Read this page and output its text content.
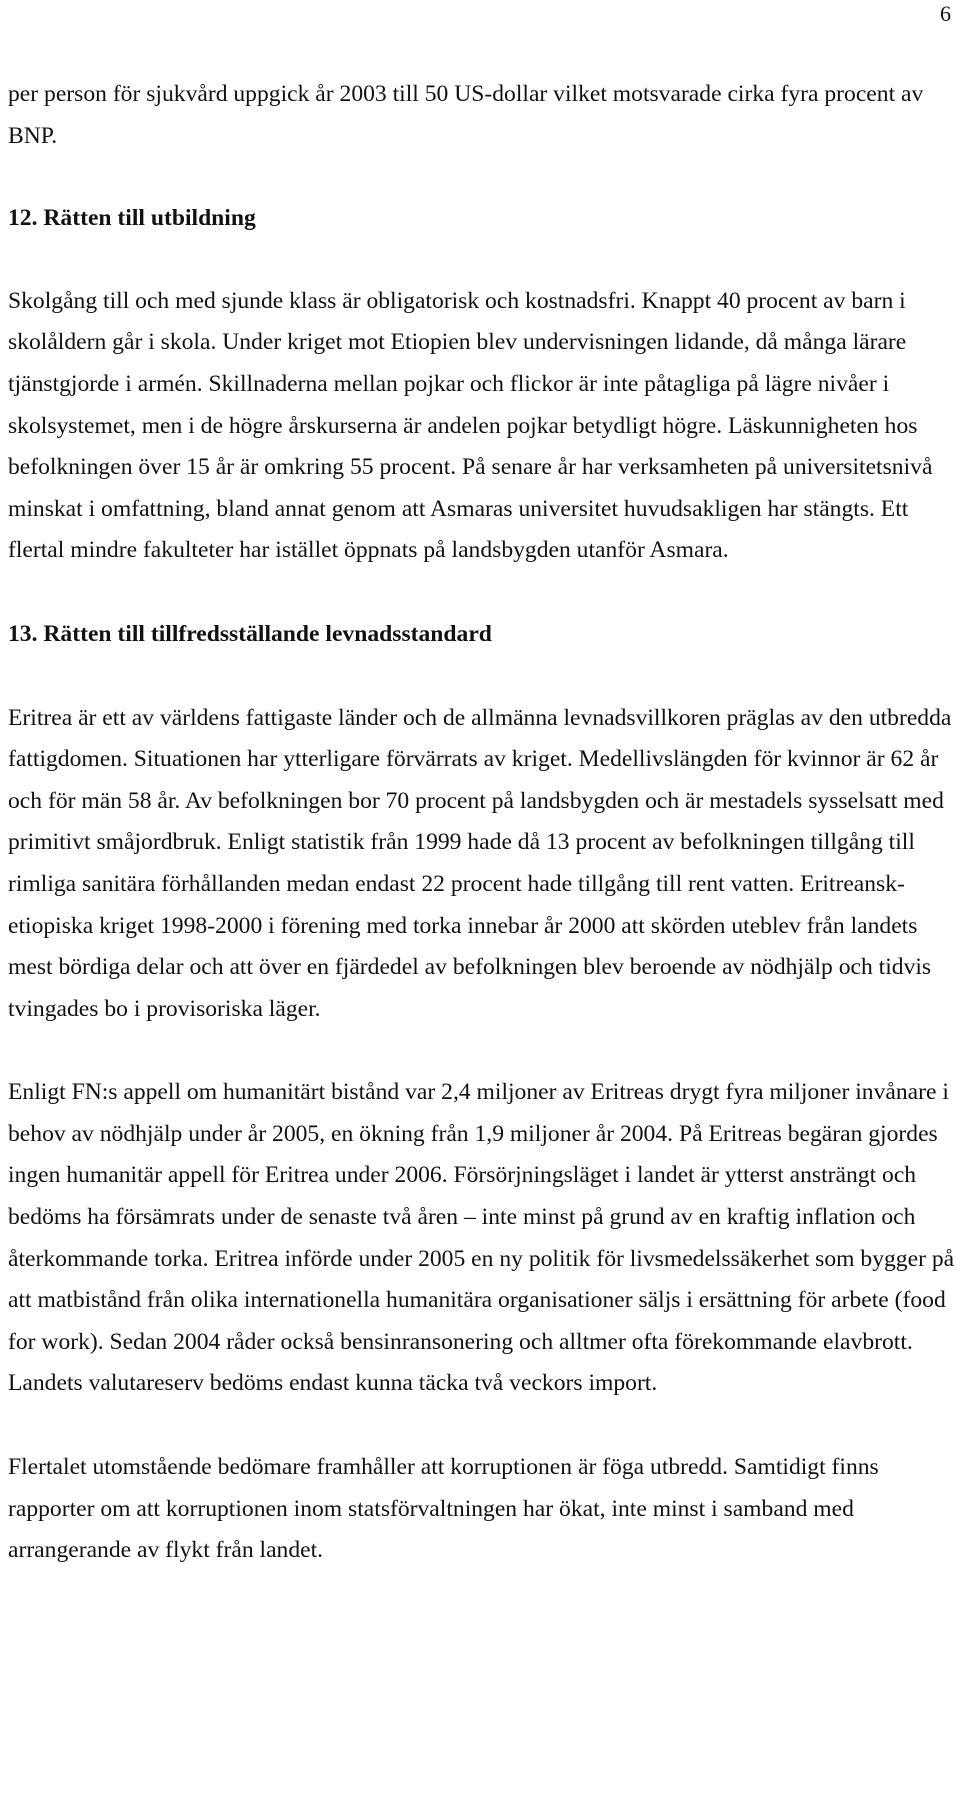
6

per person för sjukvård uppgick år 2003 till 50 US-dollar vilket motsvarade cirka fyra procent av BNP.

12. Rätten till utbildning

Skolgång till och med sjunde klass är obligatorisk och kostnadsfri. Knappt 40 procent av barn i skolåldern går i skola. Under kriget mot Etiopien blev undervisningen lidande, då många lärare tjänstgjorde i armén. Skillnaderna mellan pojkar och flickor är inte påtagliga på lägre nivåer i skolsystemet, men i de högre årskurserna är andelen pojkar betydligt högre. Läskunnigheten hos befolkningen över 15 år är omkring 55 procent. På senare år har verksamheten på universitetsnivå minskat i omfattning, bland annat genom att Asmaras universitet huvudsakligen har stängts. Ett flertal mindre fakulteter har istället öppnats på landsbygden utanför Asmara.

13. Rätten till tillfredsställande levnadsstandard

Eritrea är ett av världens fattigaste länder och de allmänna levnadsvillkoren präglas av den utbredda fattigdomen. Situationen har ytterligare förvärrats av kriget. Medellivslängden för kvinnor är 62 år och för män 58 år. Av befolkningen bor 70 procent på landsbygden och är mestadels sysselsatt med primitivt småjordbruk. Enligt statistik från 1999 hade då 13 procent av befolkningen tillgång till rimliga sanitära förhållanden medan endast 22 procent hade tillgång till rent vatten. Eritreansk-etiopiska kriget 1998-2000 i förening med torka innebar år 2000 att skörden uteblev från landets mest bördiga delar och att över en fjärdedel av befolkningen blev beroende av nödhjälp och tidvis tvingades bo i provisoriska läger.

Enligt FN:s appell om humanitärt bistånd var 2,4 miljoner av Eritreas drygt fyra miljoner invånare i behov av nödhjälp under år 2005, en ökning från 1,9 miljoner år 2004. På Eritreas begäran gjordes ingen humanitär appell för Eritrea under 2006. Försörjningsläget i landet är ytterst ansträngt och bedöms ha försämrats under de senaste två åren – inte minst på grund av en kraftig inflation och återkommande torka. Eritrea införde under 2005 en ny politik för livsmedelssäkerhet som bygger på att matbistånd från olika internationella humanitära organisationer säljs i ersättning för arbete (food for work). Sedan 2004 råder också bensinransonering och alltmer ofta förekommande elavbrott. Landets valutareserv bedöms endast kunna täcka två veckors import.

Flertalet utomstående bedömare framhåller att korruptionen är föga utbredd. Samtidigt finns rapporter om att korruptionen inom statsförvaltningen har ökat, inte minst i samband med arrangerande av flykt från landet.
